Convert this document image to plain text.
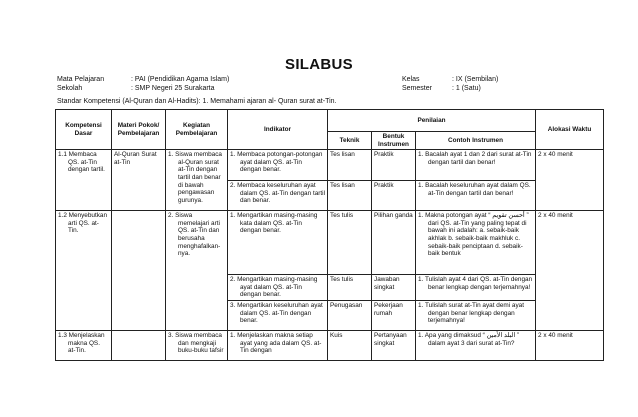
SILABUS
Mata Pelajaran	: PAI (Pendidikan Agama Islam)
Sekolah	: SMP Negeri 25 Surakarta
Kelas	: IX (Sembilan)
Semester	: 1 (Satu)
Standar Kompetensi (Al-Quran dan Al-Hadits): 1. Memahami ajaran al- Quran surat at-Tin.
Kompetensi Dasar	Materi Pokok/ Pembelajaran	Kegiatan Pembelajaran	Indikator	Penilaian			Alokasi Waktu
				Teknik	Bentuk Instrumen	Contoh Instrumen	

1.1 Membaca QS. at-Tin dengan tartil.	Al-Quran Surat at-Tin	1. Siswa membaca al-Quran surat at-Tin dengan tartil dan benar di bawah pengawasan gurunya.	1. Membaca potongan-potongan ayat dalam QS. at-Tin dengan benar.	Tes lisan	Praktik	1. Bacalah ayat 1 dan 2 dari surat at-Tin dengan tartil dan benar!	2 x 40 menit

			2. Membaca keseluruhan ayat dalam QS. at-Tin dengan tartil dan benar.	Tes lisan	Praktik	1. Bacalah keseluruhan ayat dalam QS. at-Tin dengan tartil dan benar!	

1.2 Menyebutkan arti QS. at-Tin.		2. Siswa memelajari arti QS. at-Tin dan berusaha menghafalkan-nya.	1. Mengartikan masing-masing kata dalam QS. at-Tin dengan benar.	Tes tulis	Pilihan ganda	1. Makna potongan ayat “ أحسن تقويم ” dari QS. at-Tin yang paling tepat di bawah ini adalah: a. sebaik-baik akhlak b. sebaik-baik makhluk c. sebaik-baik penciptaan d. sebaik-baik bentuk	2 x 40 menit

			2. Mengartikan masing-masing ayat dalam QS. at-Tin dengan benar.	Tes tulis	Jawaban singkat	1. Tulislah ayat 4 dari QS. at-Tin dengan benar lengkap dengan terjemahnya!	

			3. Mengartikan keseluruhan ayat dalam QS. at-Tin dengan benar.	Penugasan	Pekerjaan rumah	1. Tulislah surat at-Tin ayat demi ayat dengan benar lengkap dengan terjemahnya!	

1.3 Menjelaskan makna QS. at-Tin.		3. Siswa membaca dan mengkaji buku-buku tafsir	1. Menjelaskan makna setiap ayat yang ada dalam QS. at-Tin dengan	Kuis	Pertanyaan singkat	1. Apa yang dimaksud “ البلد الأمين ” dalam ayat 3 dari surat at-Tin?	2 x 40 menit
